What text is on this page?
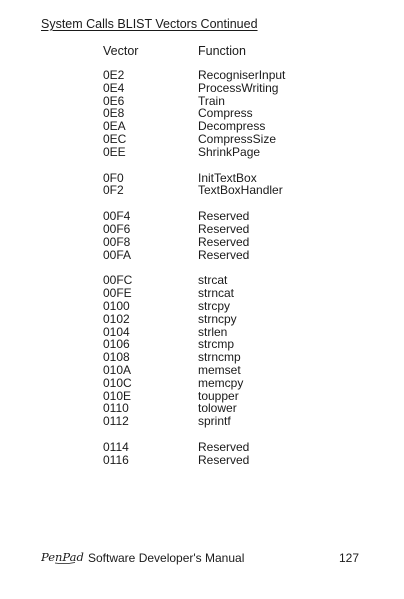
System Calls BLIST Vectors Continued
Vector	Function
0E2	RecogniserInput
0E4	ProcessWriting
0E6	Train
0E8	Compress
0EA	Decompress
0EC	CompressSize
0EE	ShrinkPage
0F0	InitTextBox
0F2	TextBoxHandler
00F4	Reserved
00F6	Reserved
00F8	Reserved
00FA	Reserved
00FC	strcat
00FE	strncat
0100	strcpy
0102	strncpy
0104	strlen
0106	strcmp
0108	strncmp
010A	memset
010C	memcpy
010E	toupper
0110	tolower
0112	sprintf
0114	Reserved
0116	Reserved
PenPad Software Developer's Manual	127
